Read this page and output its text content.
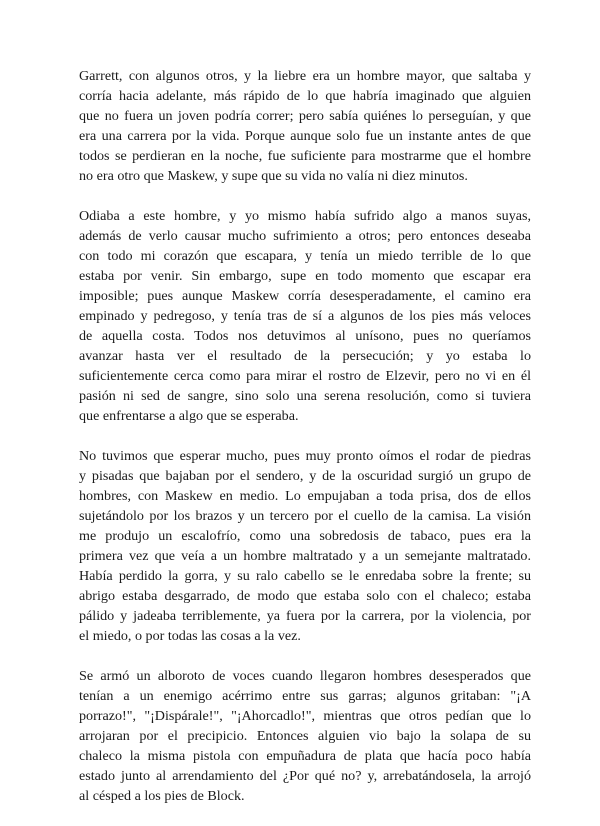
Garrett, con algunos otros, y la liebre era un hombre mayor, que saltaba y
corría hacia adelante, más rápido de lo que habría imaginado que alguien
que no fuera un joven podría correr; pero sabía quiénes lo perseguían, y que
era una carrera por la vida. Porque aunque solo fue un instante antes de que
todos se perdieran en la noche, fue suficiente para mostrarme que el hombre
no era otro que Maskew, y supe que su vida no valía ni diez minutos.

Odiaba a este hombre, y yo mismo había sufrido algo a manos suyas,
además de verlo causar mucho sufrimiento a otros; pero entonces deseaba
con todo mi corazón que escapara, y tenía un miedo terrible de lo que
estaba por venir. Sin embargo, supe en todo momento que escapar era
imposible; pues aunque Maskew corría desesperadamente, el camino era
empinado y pedregoso, y tenía tras de sí a algunos de los pies más veloces
de aquella costa. Todos nos detuvimos al unísono, pues no queríamos
avanzar hasta ver el resultado de la persecución; y yo estaba lo
suficientemente cerca como para mirar el rostro de Elzevir, pero no vi en él
pasión ni sed de sangre, sino solo una serena resolución, como si tuviera
que enfrentarse a algo que se esperaba.

No tuvimos que esperar mucho, pues muy pronto oímos el rodar de piedras
y pisadas que bajaban por el sendero, y de la oscuridad surgió un grupo de
hombres, con Maskew en medio. Lo empujaban a toda prisa, dos de ellos
sujetándolo por los brazos y un tercero por el cuello de la camisa. La visión
me produjo un escalofrío, como una sobredosis de tabaco, pues era la
primera vez que veía a un hombre maltratado y a un semejante maltratado.
Había perdido la gorra, y su ralo cabello se le enredaba sobre la frente; su
abrigo estaba desgarrado, de modo que estaba solo con el chaleco; estaba
pálido y jadeaba terriblemente, ya fuera por la carrera, por la violencia, por
el miedo, o por todas las cosas a la vez.

Se armó un alboroto de voces cuando llegaron hombres desesperados que
tenían a un enemigo acérrimo entre sus garras; algunos gritaban: "¡A
porrazo!", "¡Dispárale!", "¡Ahorcadlo!", mientras que otros pedían que lo
arrojaran por el precipicio. Entonces alguien vio bajo la solapa de su
chaleco la misma pistola con empuñadura de plata que hacía poco había
estado junto al arrendamiento del ¿Por qué no? y, arrebatándosela, la arrojó
al césped a los pies de Block.
